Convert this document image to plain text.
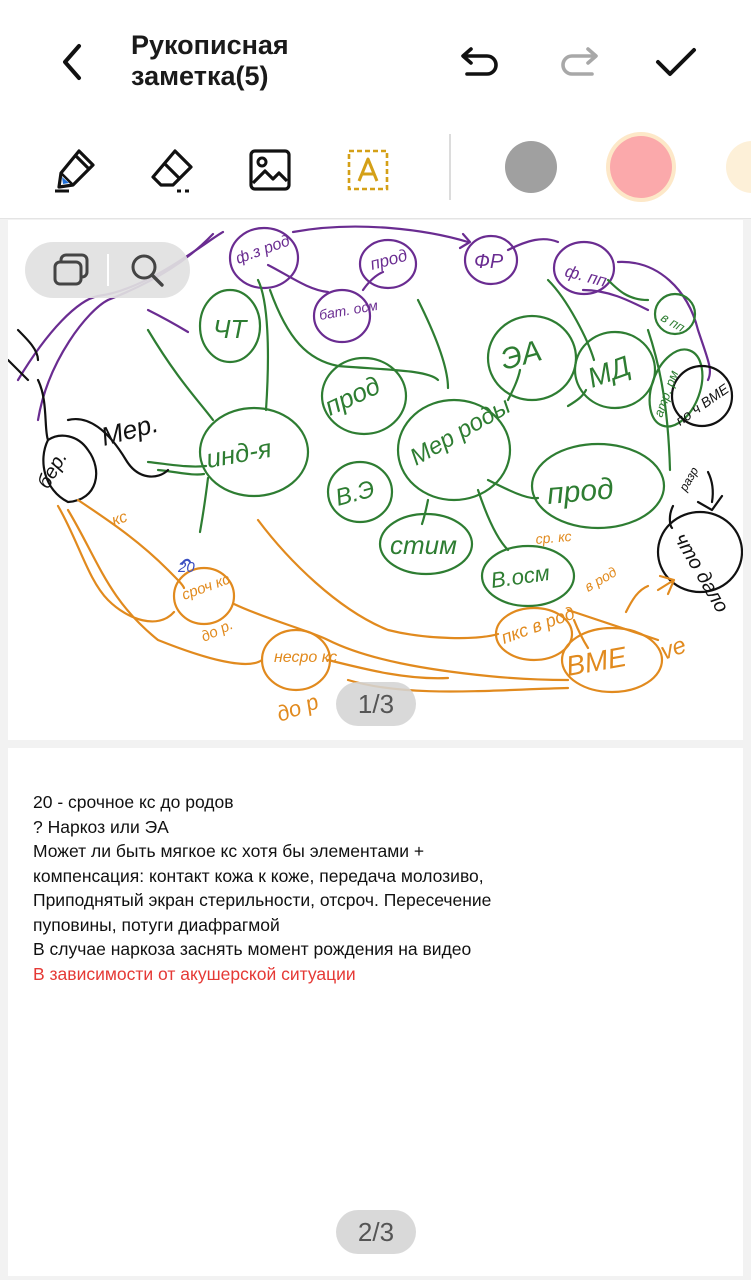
Рукописная
заметка(5)
ф.з род	прод	ФР	ф. пп
бат. осм
ЧТ
инд-я
прод
В.Э
Мер роды
ЭА МД
прод
стим
В.осм
атр. рм
в пп
бер.
Мер.
по ч ВМЕ
что дало
разр
кс
20
сроч кс
до р.
несро кс
до р
ср. кс
в род
пкс в род
ВМЕ ve
1/3
20 - срочное кс до родов
? Наркоз или ЭА
Может ли быть мягкое кс хотя бы элементами +
компенсация: контакт кожа к коже, передача молозиво,
Приподнятый экран стерильности, отсроч. Пересечение
пуповины, потуги диафрагмой
В случае наркоза заснять момент рождения на видео
В зависимости от акушерской ситуации
2/3
